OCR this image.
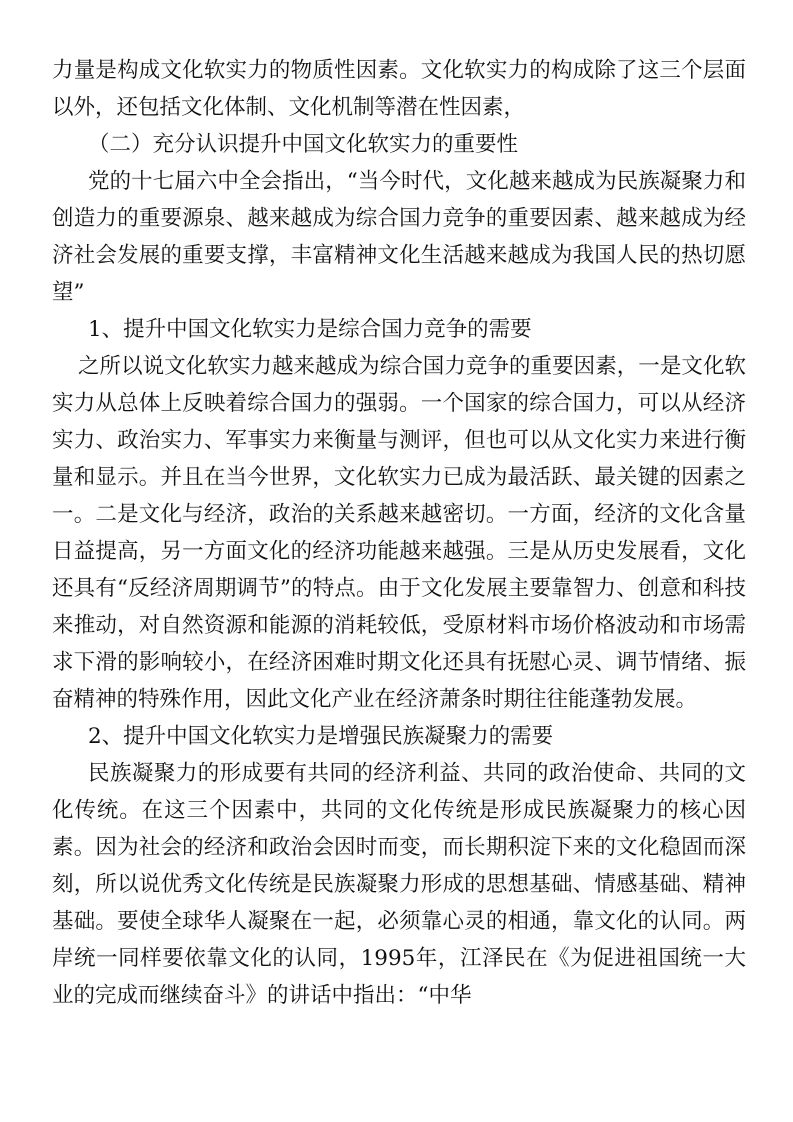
力量是构成文化软实力的物质性因素。文化软实力的构成除了这三个层面以外，还包括文化体制、文化机制等潜在性因素，

（二）充分认识提升中国文化软实力的重要性

党的十七届六中全会指出，“当今时代，文化越来越成为民族凝聚力和创造力的重要源泉、越来越成为综合国力竞争的重要因素、越来越成为经济社会发展的重要支撑，丰富精神文化生活越来越成为我国人民的热切愿望”

1、提升中国文化软实力是综合国力竞争的需要

之所以说文化软实力越来越成为综合国力竞争的重要因素，一是文化软实力从总体上反映着综合国力的强弱。一个国家的综合国力，可以从经济实力、政治实力、军事实力来衡量与测评，但也可以从文化实力来进行衡量和显示。并且在当今世界，文化软实力已成为最活跃、最关键的因素之一。二是文化与经济，政治的关系越来越密切。一方面，经济的文化含量日益提高，另一方面文化的经济功能越来越强。三是从历史发展看，文化还具有“反经济周期调节”的特点。由于文化发展主要靠智力、创意和科技来推动，对自然资源和能源的消耗较低，受原材料市场价格波动和市场需求下滑的影响较小，在经济困难时期文化还具有抚慰心灵、调节情绪、振奋精神的特殊作用，因此文化产业在经济萧条时期往往能蓬勃发展。

2、提升中国文化软实力是增强民族凝聚力的需要

民族凝聚力的形成要有共同的经济利益、共同的政治使命、共同的文化传统。在这三个因素中，共同的文化传统是形成民族凝聚力的核心因素。因为社会的经济和政治会因时而变，而长期积淀下来的文化稳固而深刻，所以说优秀文化传统是民族凝聚力形成的思想基础、情感基础、精神基础。要使全球华人凝聚在一起，必须靠心灵的相通，靠文化的认同。两岸统一同样要依靠文化的认同，1995年，江泽民在《为促进祖国统一大业的完成而继续奋斗》的讲话中指出：“中华
